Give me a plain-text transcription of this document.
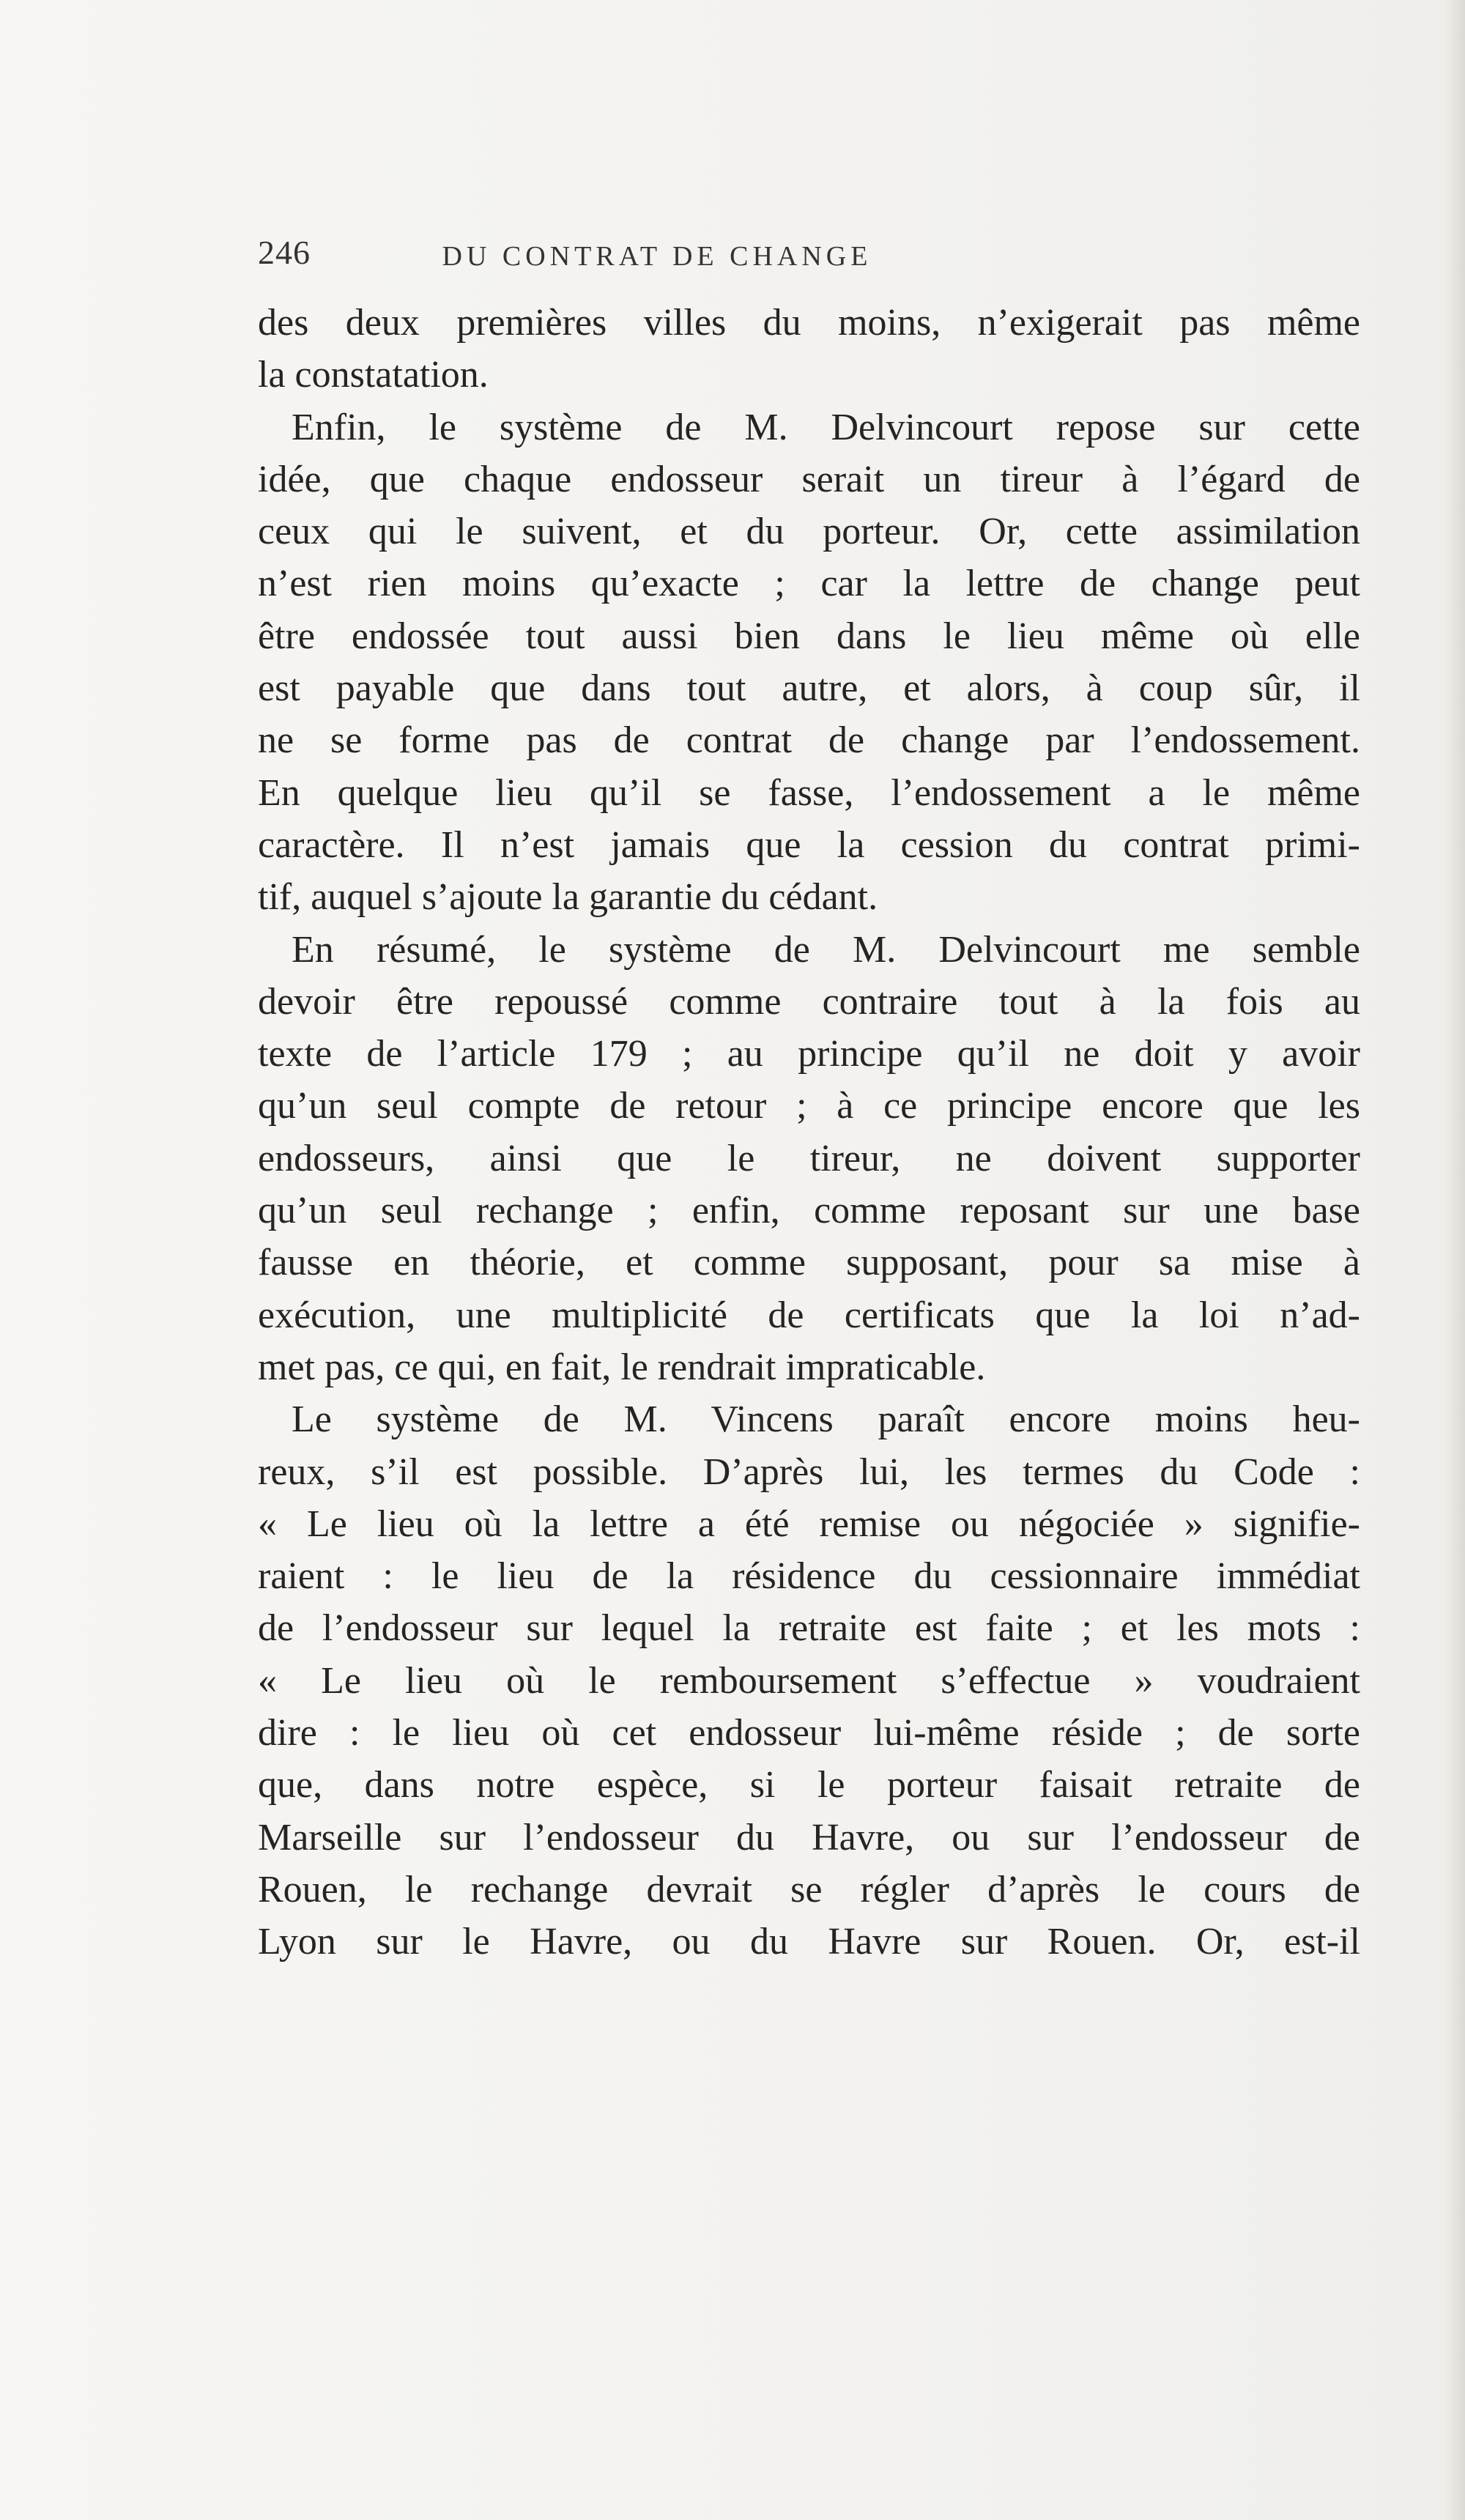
246	DU CONTRAT DE CHANGE
des deux premières villes du moins, n’exigerait pas même
la constatation.
Enfin, le système de M. Delvincourt repose sur cette
idée, que chaque endosseur serait un tireur à l’égard de
ceux qui le suivent, et du porteur. Or, cette assimilation
n’est rien moins qu’exacte ; car la lettre de change peut
être endossée tout aussi bien dans le lieu même où elle
est payable que dans tout autre, et alors, à coup sûr, il
ne se forme pas de contrat de change par l’endossement.
En quelque lieu qu’il se fasse, l’endossement a le même
caractère. Il n’est jamais que la cession du contrat primi-
tif, auquel s’ajoute la garantie du cédant.
En résumé, le système de M. Delvincourt me semble
devoir être repoussé comme contraire tout à la fois au
texte de l’article 179 ; au principe qu’il ne doit y avoir
qu’un seul compte de retour ; à ce principe encore que les
endosseurs, ainsi que le tireur, ne doivent supporter
qu’un seul rechange ; enfin, comme reposant sur une base
fausse en théorie, et comme supposant, pour sa mise à
exécution, une multiplicité de certificats que la loi n’ad-
met pas, ce qui, en fait, le rendrait impraticable.
Le système de M. Vincens paraît encore moins heu-
reux, s’il est possible. D’après lui, les termes du Code :
« Le lieu où la lettre a été remise ou négociée » signifie-
raient : le lieu de la résidence du cessionnaire immédiat
de l’endosseur sur lequel la retraite est faite ; et les mots :
« Le lieu où le remboursement s’effectue » voudraient
dire : le lieu où cet endosseur lui-même réside ; de sorte
que, dans notre espèce, si le porteur faisait retraite de
Marseille sur l’endosseur du Havre, ou sur l’endosseur de
Rouen, le rechange devrait se régler d’après le cours de
Lyon sur le Havre, ou du Havre sur Rouen. Or, est-il
